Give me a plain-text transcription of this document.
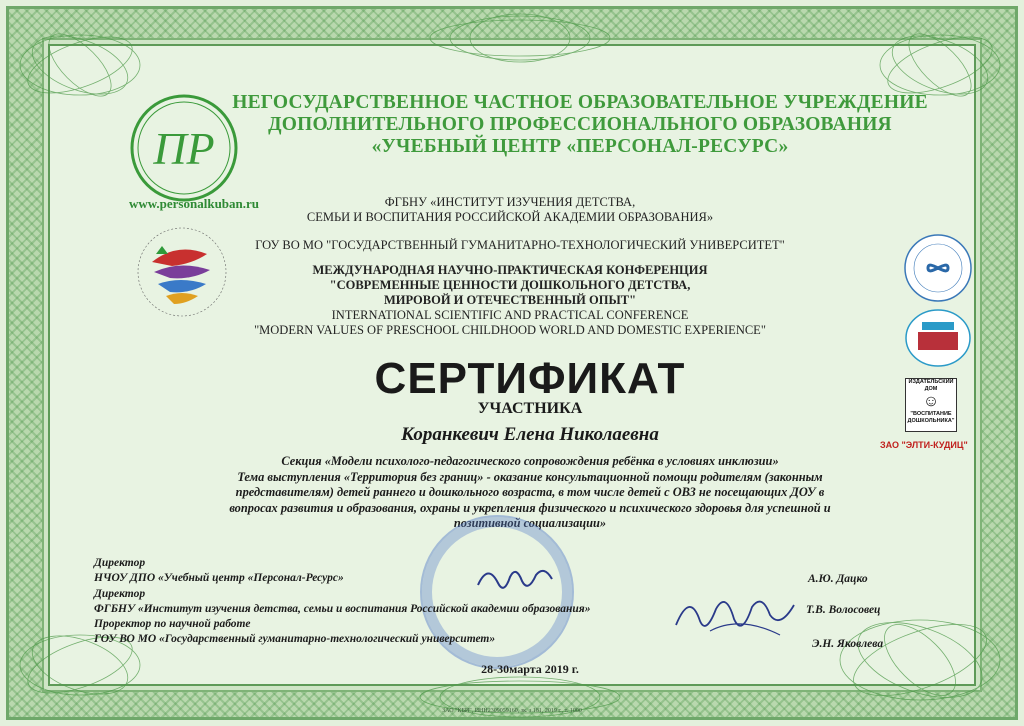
ПР
www.personalkuban.ru
НЕГОСУДАРСТВЕННОЕ ЧАСТНОЕ ОБРАЗОВАТЕЛЬНОЕ УЧРЕЖДЕНИЕ
ДОПОЛНИТЕЛЬНОГО ПРОФЕССИОНАЛЬНОГО ОБРАЗОВАНИЯ
«УЧЕБНЫЙ ЦЕНТР «ПЕРСОНАЛ-РЕСУРС»
ФГБНУ «ИНСТИТУТ ИЗУЧЕНИЯ ДЕТСТВА,
СЕМЬИ И ВОСПИТАНИЯ РОССИЙСКОЙ АКАДЕМИИ ОБРАЗОВАНИЯ»
ГОУ ВО МО "ГОСУДАРСТВЕННЫЙ ГУМАНИТАРНО-ТЕХНОЛОГИЧЕСКИЙ УНИВЕРСИТЕТ"
МЕЖДУНАРОДНАЯ НАУЧНО-ПРАКТИЧЕСКАЯ КОНФЕРЕНЦИЯ
"СОВРЕМЕННЫЕ ЦЕННОСТИ ДОШКОЛЬНОГО ДЕТСТВА,
МИРОВОЙ И ОТЕЧЕСТВЕННЫЙ ОПЫТ"
INTERNATIONAL SCIENTIFIC AND PRACTICAL CONFERENCE
"MODERN VALUES OF PRESCHOOL CHILDHOOD WORLD AND DOMESTIC EXPERIENCE"
ИЗДАТЕЛЬСКИЙ ДОМ
☺
"ВОСПИТАНИЕ ДОШКОЛЬНИКА"
ЗАО "ЭЛТИ-КУДИЦ"
СЕРТИФИКАТ
УЧАСТНИКА
Коранкевич Елена Николаевна
Секция «Модели психолого-педагогического сопровождения ребёнка в условиях инклюзии»
Тема выступления «Территория без границ» - оказание консультационной помощи родителям (законным
представителям) детей раннего и дошкольного возраста, в том числе детей с ОВЗ не посещающих ДОУ в
вопросах развития и образования, охраны и укрепления физического и психического здоровья для успешной и
позитивной социализации»
Директор
НЧОУ ДПО «Учебный центр «Персонал-Ресурс»
Директор
ФГБНУ «Институт изучения детства, семьи и воспитания Российской академии образования»
Проректор по научной работе
ГОУ ВО МО «Государственный гуманитарно-технологический университет»
А.Ю. Дацко
Т.В. Волосовец
Э.Н. Яковлева
28-30марта 2019 г.
ЗАО "КБИ", ИНН2309059160, зк. з.181, 2019 г., т. 1000
